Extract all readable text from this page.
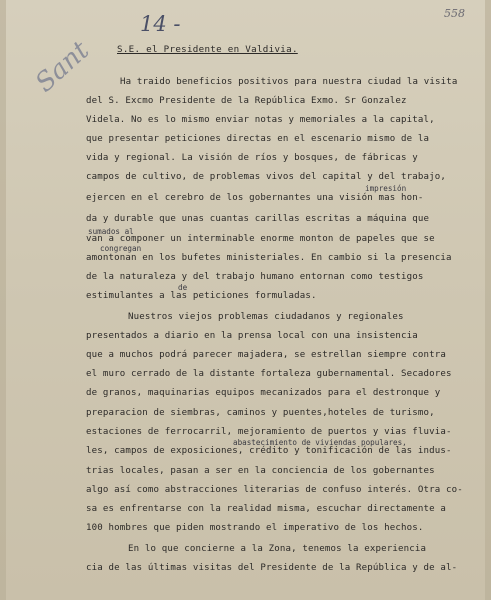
14 -	558
Sant S.E. el Presidente en Valdivia.
Ha traido beneficios positivos para nuestra ciudad la visita
del S. Excmo Presidente de la República Exmo. Sr Gonzalez
Videla. No es lo mismo enviar notas y memoriales a la capital,
que presentar peticiones directas en el escenario mismo de la
vida y regional. La visión de ríos y bosques, de fábricas y
campos de cultivo, de problemas vivos del capital y del trabajo,
impresión
ejercen en el cerebro de los gobernantes una visión mas hon-
da y durable que unas cuantas carillas escritas a máquina que
sumados al
van a componer un interminable enorme monton de papeles que se
congregan
amontonan en los bufetes ministeriales. En cambio si la presencia
de la naturaleza y del trabajo humano entornan como testigos
de
estimulantes a las peticiones formuladas.
Nuestros viejos problemas ciudadanos y regionales
presentados a diario en la prensa local con una insistencia
que a muchos podrá parecer majadera, se estrellan siempre contra
el muro cerrado de la distante fortaleza gubernamental. Secadores
de granos, maquinarias equipos mecanizados para el destronque y
preparacion de siembras, caminos y puentes,hoteles de turismo,
estaciones de ferrocarril, mejoramiento de puertos y vias fluvia-
abastecimiento de viviendas populares,
les, campos de exposiciones, crédito y tonificación de las indus-
trias locales, pasan a ser en la conciencia de los gobernantes
algo así como abstracciones literarias de confuso interés. Otra co-
sa es enfrentarse con la realidad misma, escuchar directamente a
100 hombres que piden mostrando el imperativo de los hechos.
En lo que concierne a la Zona, tenemos la experiencia
cia de las últimas visitas del Presidente de la República y de al-
